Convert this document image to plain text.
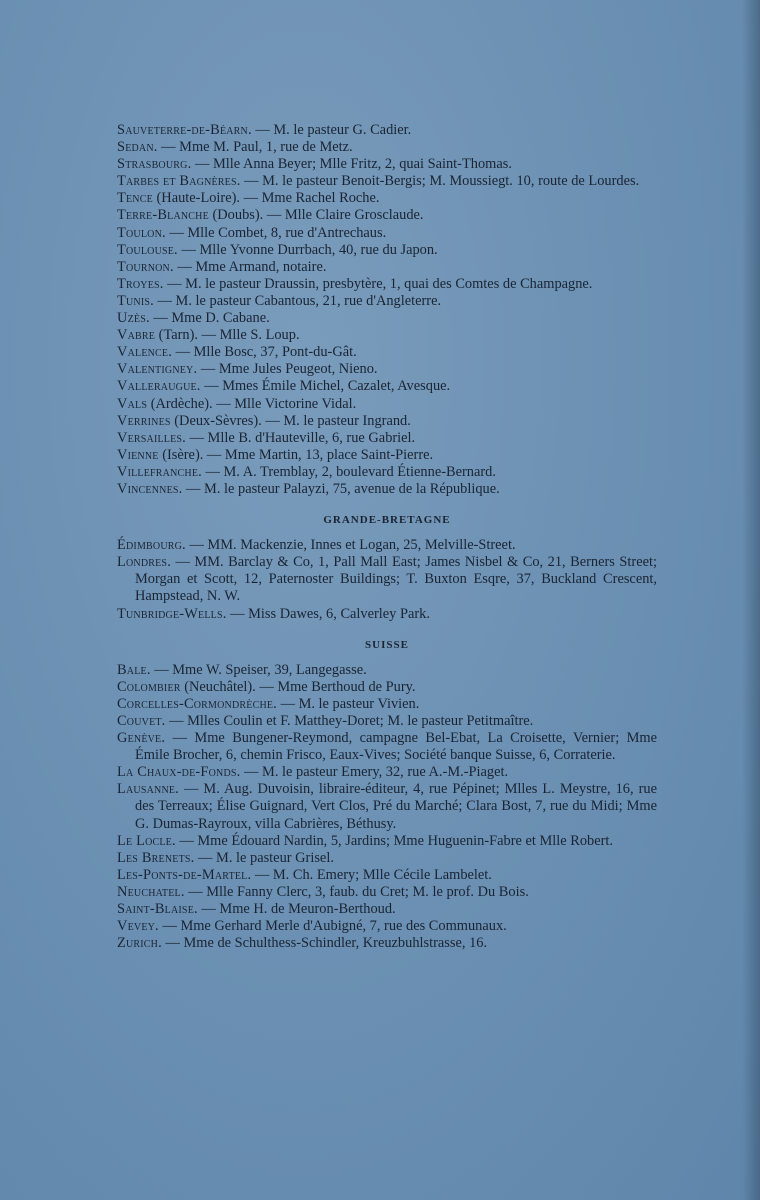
Sauveterre-de-Béarn. — M. le pasteur G. Cadier.
Sedan. — Mme M. Paul, 1, rue de Metz.
Strasbourg. — Mlle Anna Beyer; Mlle Fritz, 2, quai Saint-Thomas.
Tarbes et Bagnères. — M. le pasteur Benoit-Bergis; M. Moussiegt. 10, route de Lourdes.
Tence (Haute-Loire). — Mme Rachel Roche.
Terre-Blanche (Doubs). — Mlle Claire Grosclaude.
Toulon. — Mlle Combet, 8, rue d'Antrechaus.
Toulouse. — Mlle Yvonne Durrbach, 40, rue du Japon.
Tournon. — Mme Armand, notaire.
Troyes. — M. le pasteur Draussin, presbytère, 1, quai des Comtes de Champagne.
Tunis. — M. le pasteur Cabantous, 21, rue d'Angleterre.
Uzès. — Mme D. Cabane.
Vabre (Tarn). — Mlle S. Loup.
Valence. — Mlle Bosc, 37, Pont-du-Gât.
Valentigney. — Mme Jules Peugeot, Nieno.
Valleraugue. — Mmes Émile Michel, Cazalet, Avesque.
Vals (Ardèche). — Mlle Victorine Vidal.
Verrines (Deux-Sèvres). — M. le pasteur Ingrand.
Versailles. — Mlle B. d'Hauteville, 6, rue Gabriel.
Vienne (Isère). — Mme Martin, 13, place Saint-Pierre.
Villefranche. — M. A. Tremblay, 2, boulevard Étienne-Bernard.
Vincennes. — M. le pasteur Palayzi, 75, avenue de la République.
GRANDE-BRETAGNE
Édimbourg. — MM. Mackenzie, Innes et Logan, 25, Melville-Street.
Londres. — MM. Barclay & Co, 1, Pall Mall East; James Nisbel & Co, 21, Berners Street; Morgan et Scott, 12, Paternoster Buildings; T. Buxton Esqre, 37, Buckland Crescent, Hampstead, N. W.
Tunbridge-Wells. — Miss Dawes, 6, Calverley Park.
SUISSE
Bale. — Mme W. Speiser, 39, Langegasse.
Colombier (Neuchâtel). — Mme Berthoud de Pury.
Corcelles-Cormondrèche. — M. le pasteur Vivien.
Couvet. — Mlles Coulin et F. Matthey-Doret; M. le pasteur Petitmaître.
Genève. — Mme Bungener-Reymond, campagne Bel-Ebat, La Croisette, Vernier; Mme Émile Brocher, 6, chemin Frisco, Eaux-Vives; Société banque Suisse, 6, Corraterie.
La Chaux-de-Fonds. — M. le pasteur Emery, 32, rue A.-M.-Piaget.
Lausanne. — M. Aug. Duvoisin, libraire-éditeur, 4, rue Pépinet; Mlles L. Meystre, 16, rue des Terreaux; Élise Guignard, Vert Clos, Pré du Marché; Clara Bost, 7, rue du Midi; Mme G. Dumas-Rayroux, villa Cabrières, Béthusy.
Le Locle. — Mme Édouard Nardin, 5, Jardins; Mme Huguenin-Fabre et Mlle Robert.
Les Brenets. — M. le pasteur Grisel.
Les-Ponts-de-Martel. — M. Ch. Emery; Mlle Cécile Lambelet.
Neuchatel. — Mlle Fanny Clerc, 3, faub. du Cret; M. le prof. Du Bois.
Saint-Blaise. — Mme H. de Meuron-Berthoud.
Vevey. — Mme Gerhard Merle d'Aubigné, 7, rue des Communaux.
Zurich. — Mme de Schulthess-Schindler, Kreuzbuhlstrasse, 16.
